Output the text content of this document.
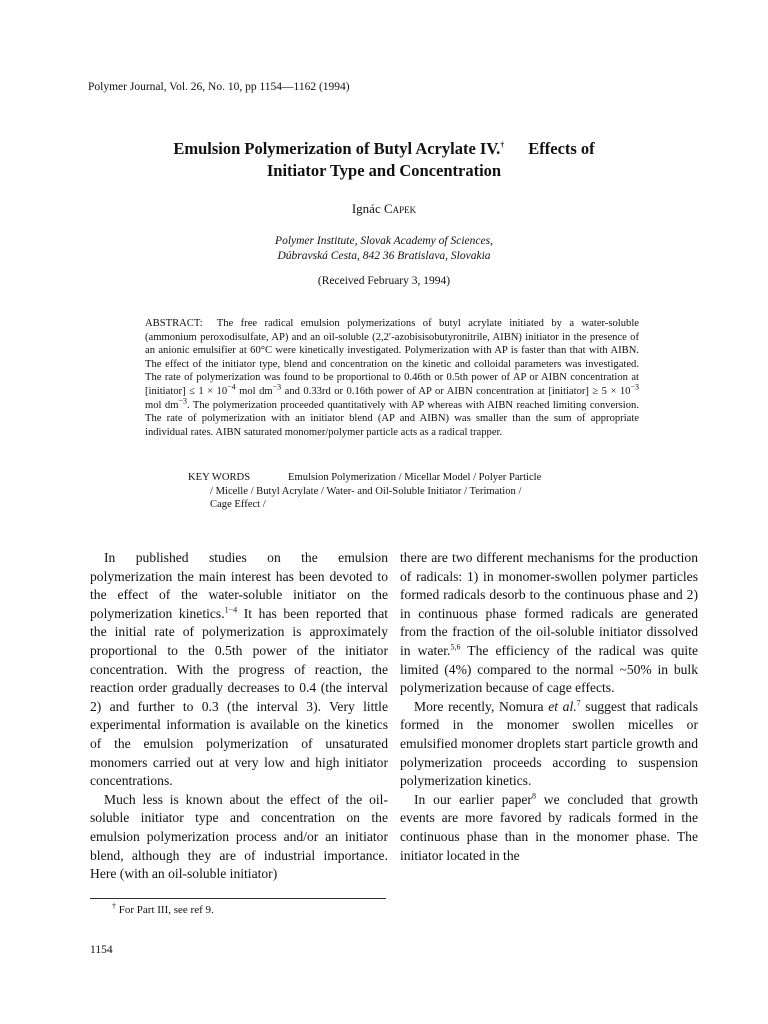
Polymer Journal, Vol. 26, No. 10, pp 1154—1162 (1994)
Emulsion Polymerization of Butyl Acrylate IV.† Effects of
Initiator Type and Concentration
Ignác Capek
Polymer Institute, Slovak Academy of Sciences,
Dúbravská Cesta, 842 36 Bratislava, Slovakia
(Received February 3, 1994)

ABSTRACT: The free radical emulsion polymerizations of butyl acrylate initiated by a water-soluble (ammonium peroxodisulfate, AP) and an oil-soluble (2,2′-azobisisobutyronitrile, AIBN) initiator in the presence of an anionic emulsifier at 60°C were kinetically investigated. Polymerization with AP is faster than that with AIBN. The effect of the initiator type, blend and concentration on the kinetic and colloidal parameters was investigated. The rate of polymerization was found to be proportional to 0.46th or 0.5th power of AP or AIBN concentration at [initiator] ≤ $1 \times 10^{-4}$ mol $dm^{-3}$ and 0.33rd or 0.16th power of AP or AIBN concentration at [initiator] ≥ $5 \times 10^{-3}$ mol $dm^{-3}$. The polymerization proceeded quantitatively with AP whereas with AIBN reached limiting conversion. The rate of polymerization with an initiator blend (AP and AIBN) was smaller than the sum of appropriate individual rates. AIBN saturated monomer/polymer particle acts as a radical trapper.

KEY WORDS	Emulsion Polymerization / Micellar Model / Polyer Particle
/ Micelle / Butyl Acrylate / Water- and Oil-Soluble Initiator / Terimation /
Cage Effect /

In published studies on the emulsion polymerization the main interest has been devoted to the effect of the water-soluble initiator on the polymerization kinetics.$^{1-4}$ It has been reported that the initial rate of polymerization is approximately proportional to the 0.5th power of the initiator concentration. With the progress of reaction, the reaction order gradually decreases to 0.4 (the interval 2) and further to 0.3 (the interval 3). Very little experimental information is available on the kinetics of the emulsion polymerization of unsaturated monomers carried out at very low and high initiator concentrations.

Much less is known about the effect of the oil-soluble initiator type and concentration on the emulsion polymerization process and/or an initiator blend, although they are of industrial importance. Here (with an oil-soluble initiator)

there are two different mechanisms for the production of radicals: 1) in monomer-swollen polymer particles formed radicals desorb to the continuous phase and 2) in continuous phase formed radicals are generated from the fraction of the oil-soluble initiator dissolved in water.$^{5,6}$ The efficiency of the radical was quite limited (4%) compared to the normal ~50% in bulk polymerization because of cage effects.

More recently, Nomura et al.$^7$ suggest that radicals formed in the monomer swollen micelles or emulsified monomer droplets start particle growth and polymerization proceeds according to suspension polymerization kinetics.

In our earlier paper$^8$ we concluded that growth events are more favored by radicals formed in the continuous phase than in the monomer phase. The initiator located in the

† For Part III, see ref 9.
1154
